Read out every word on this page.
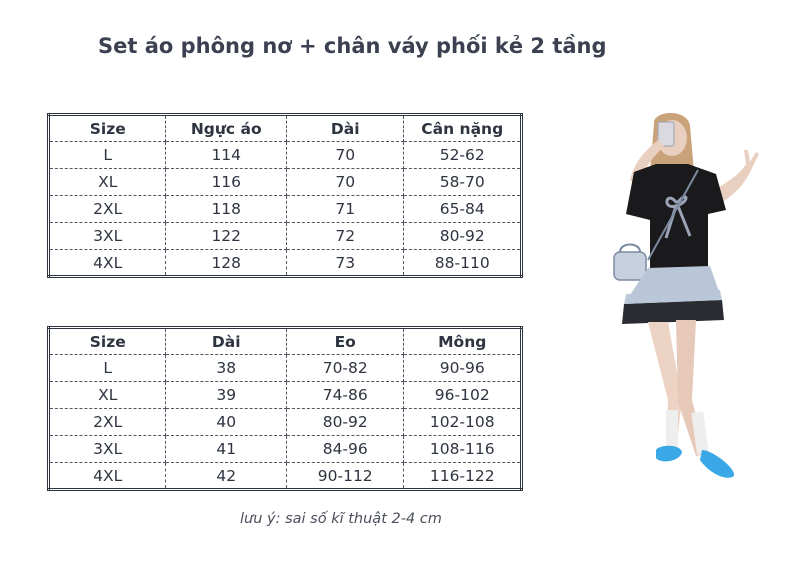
Set áo phông nơ + chân váy phối kẻ 2 tầng
Size	Ngực áo	Dài	Cân nặng
L	114	70	52-62
XL	116	70	58-70
2XL	118	71	65-84
3XL	122	72	80-92
4XL	128	73	88-110
Size	Dài	Eo	Mông
L	38	70-82	90-96
XL	39	74-86	96-102
2XL	40	80-92	102-108
3XL	41	84-96	108-116
4XL	42	90-112	116-122
lưu ý: sai số kĩ thuật 2-4 cm
